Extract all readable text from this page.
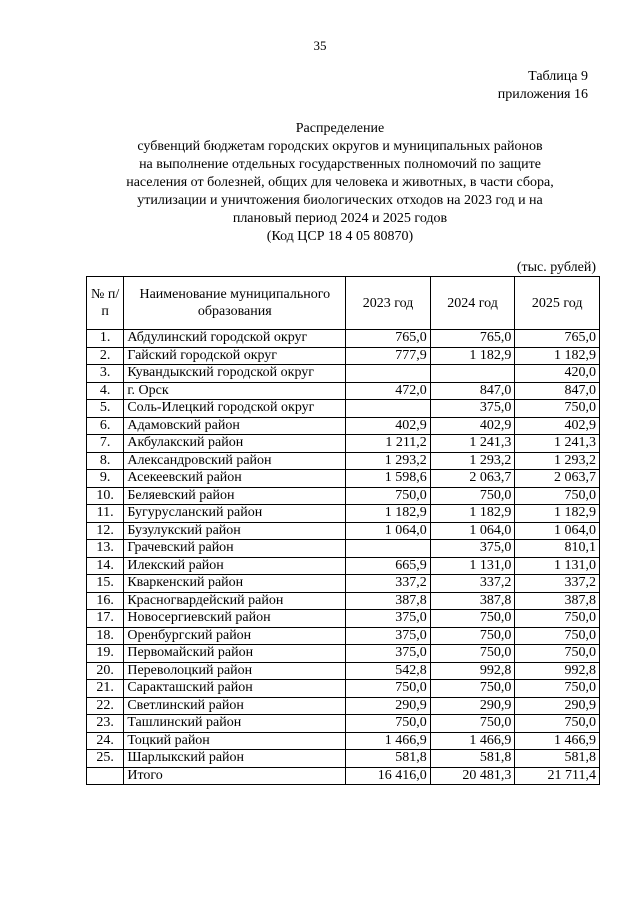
35
Таблица 9
приложения 16
Распределение
субвенций бюджетам городских округов и муниципальных районов
на выполнение отдельных государственных полномочий по защите
населения от болезней, общих для человека и животных, в части сбора,
утилизации и уничтожения биологических отходов на 2023 год и на
плановый период 2024 и 2025 годов
(Код ЦСР 18 4 05 80870)
(тыс. рублей)
№ п/п	Наименование муниципального образования	2023 год	2024 год	2025 год
1.	Абдулинский городской округ	765,0	765,0	765,0
2.	Гайский городской округ	777,9	1 182,9	1 182,9
3.	Кувандыкский городской округ			420,0
4.	г. Орск	472,0	847,0	847,0
5.	Соль-Илецкий городской округ		375,0	750,0
6.	Адамовский район	402,9	402,9	402,9
7.	Акбулакский район	1 211,2	1 241,3	1 241,3
8.	Александровский район	1 293,2	1 293,2	1 293,2
9.	Асекеевский район	1 598,6	2 063,7	2 063,7
10.	Беляевский район	750,0	750,0	750,0
11.	Бугурусланский район	1 182,9	1 182,9	1 182,9
12.	Бузулукский район	1 064,0	1 064,0	1 064,0
13.	Грачевский район		375,0	810,1
14.	Илекский район	665,9	1 131,0	1 131,0
15.	Кваркенский район	337,2	337,2	337,2
16.	Красногвардейский район	387,8	387,8	387,8
17.	Новосергиевский район	375,0	750,0	750,0
18.	Оренбургский район	375,0	750,0	750,0
19.	Первомайский район	375,0	750,0	750,0
20.	Переволоцкий район	542,8	992,8	992,8
21.	Саракташский район	750,0	750,0	750,0
22.	Светлинский район	290,9	290,9	290,9
23.	Ташлинский район	750,0	750,0	750,0
24.	Тоцкий район	1 466,9	1 466,9	1 466,9
25.	Шарлыкский район	581,8	581,8	581,8
	Итого	16 416,0	20 481,3	21 711,4
